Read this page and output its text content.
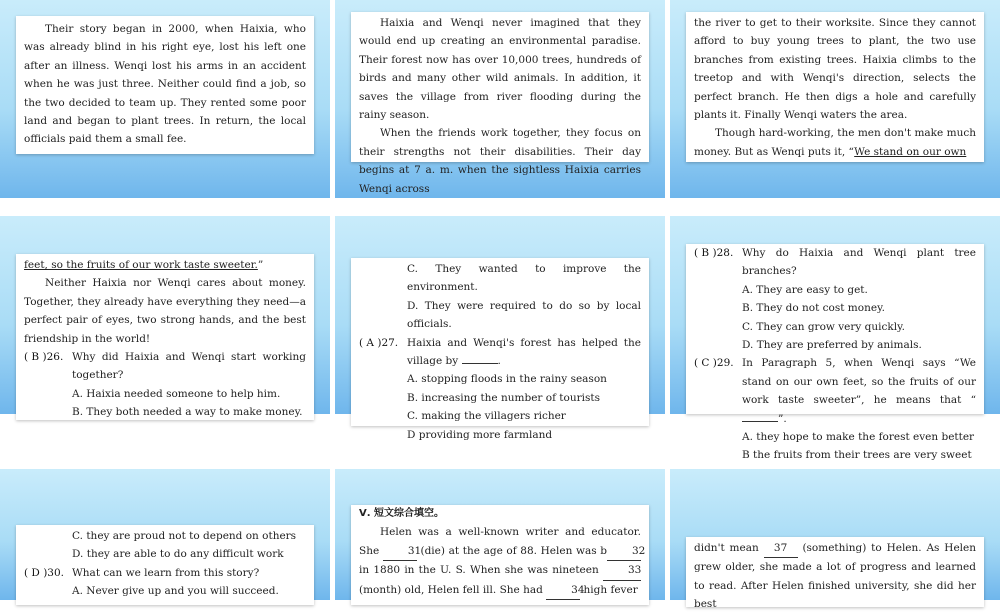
Their story began in 2000, when Haixia, who was already blind in his right eye, lost his left one after an illness. Wenqi lost his arms in an accident when he was just three. Neither could find a job, so the two decided to team up. They rented some poor land and began to plant trees. In return, the local officials paid them a small fee.

Haixia and Wenqi never imagined that they would end up creating an environmental paradise. Their forest now has over 10,000 trees, hundreds of birds and many other wild animals. In addition, it saves the village from river flooding during the rainy season.

When the friends work together, they focus on their strengths not their disabilities. Their day begins at 7 a. m. when the sightless Haixia carries Wenqi across

the river to get to their worksite. Since they cannot afford to buy young trees to plant, the two use branches from existing trees. Haixia climbs to the treetop and with Wenqi's direction, selects the perfect branch. He then digs a hole and carefully plants it. Finally Wenqi waters the area.

Though hard-working, the men don't make much money. But as Wenqi puts it, “We stand on our own

feet, so the fruits of our work taste sweeter.”

Neither Haixia nor Wenqi cares about money. Together, they already have everything they need—a perfect pair of eyes, two strong hands, and the best friendship in the world!

( B )26. Why did Haixia and Wenqi start working together?

A. Haixia needed someone to help him.

B. They both needed a way to make money.

C. They wanted to improve the environment.

D. They were required to do so by local officials.

( A )27. Haixia and Wenqi's forest has helped the village by	.

A. stopping floods in the rainy season

B. increasing the number of tourists

C. making the villagers richer

D providing more farmland

( B )28. Why do Haixia and Wenqi plant tree branches?

A. They are easy to get.

B. They do not cost money.

C. They can grow very quickly.

D. They are preferred by animals.

( C )29. In Paragraph 5, when Wenqi says “We stand on our own feet, so the fruits of our work taste sweeter”, he means that “”.

A. they hope to make the forest even better

B the fruits from their trees are very sweet

C. they are proud not to depend on others

D. they are able to do any difficult work

( D )30. What can we learn from this story?

A. Never give up and you will succeed.

Ⅴ. 短文综合填空。

Helen was a well-known writer and educator. She	31 (die) at the age of 88. Helen was b 32 in 1880 in the U. S. When she was nineteen	33 (month) old, Helen fell ill. She had	34 high fever

didn't mean 37 (something) to Helen. As Helen grew older, she made a lot of progress and learned to read. After Helen finished university, she did her best
